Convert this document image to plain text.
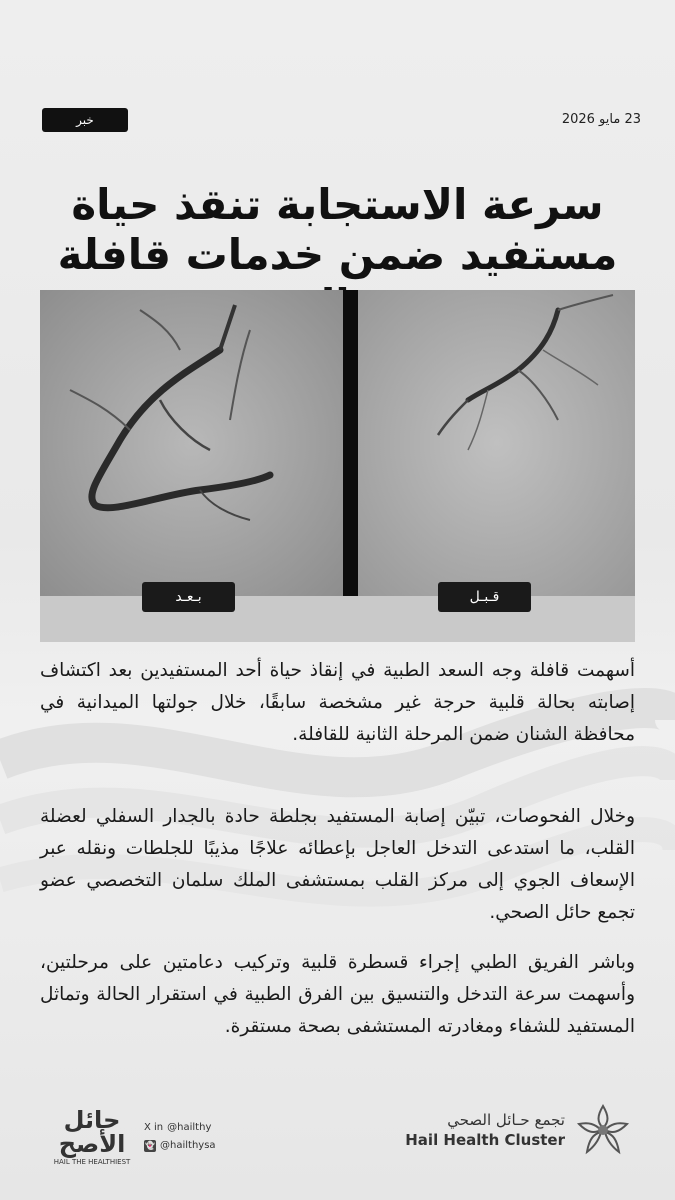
23 مايو 2026
خبر
سرعة الاستجابة تنقذ حياة مستفيد ضمن خدمات قافلة
بـعـد	قـبـل
أسهمت قافلة وجه السعد الطبية في إنقاذ حياة أحد المستفيدين بعد اكتشاف إصابته بحالة قلبية حرجة غير مشخصة سابقًا، خلال جولتها الميدانية في محافظة الشنان ضمن المرحلة الثانية للقافلة.
وخلال الفحوصات، تبيّن إصابة المستفيد بجلطة حادة بالجدار السفلي لعضلة القلب، ما استدعى التدخل العاجل بإعطائه علاجًا مذيبًا للجلطات ونقله عبر الإسعاف الجوي إلى مركز القلب بمستشفى الملك سلمان التخصصي عضو تجمع حائل الصحي.
وباشر الفريق الطبي إجراء قسطرة قلبية وتركيب دعامتين على مرحلتين، وأسهمت سرعة التدخل والتنسيق بين الفرق الطبية في استقرار الحالة وتماثل المستفيد للشفاء ومغادرته المستشفى بصحة مستقرة.
حائل الأصح
HAIL THE HEALTHIEST
X in @hailthy
👻 @hailthysa
تجمع حـائل الصحي
Hail Health Cluster
